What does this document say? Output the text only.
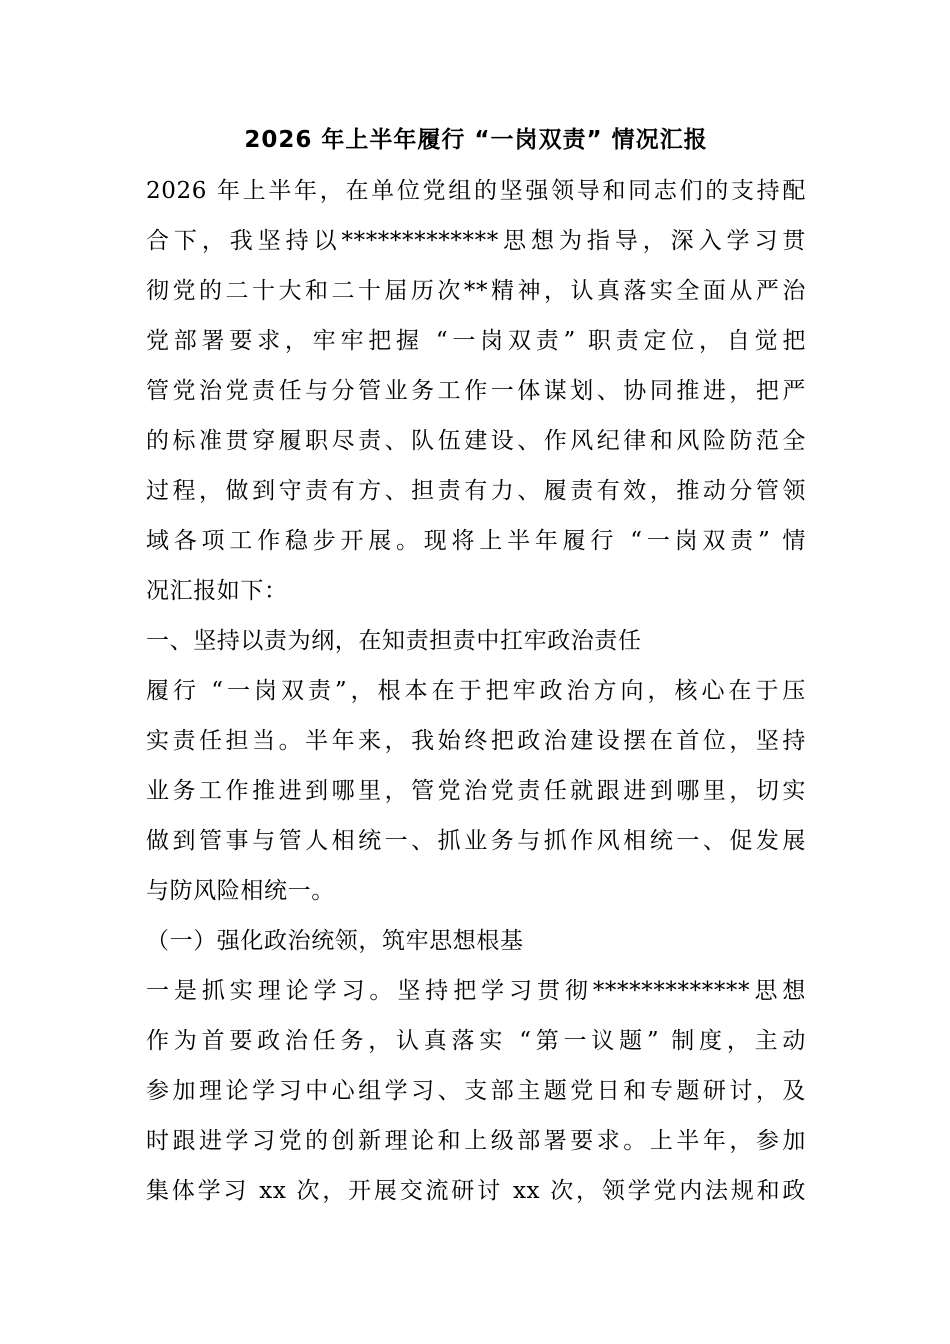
2026 年上半年履行 “一岗双责” 情况汇报
2026 年上半年，在单位党组的坚强领导和同志们的支持配
合下，我坚持以*************思想为指导，深入学习贯
彻党的二十大和二十届历次**精神，认真落实全面从严治
党部署要求，牢牢把握 “一岗双责” 职责定位，自觉把
管党治党责任与分管业务工作一体谋划、协同推进，把严
的标准贯穿履职尽责、队伍建设、作风纪律和风险防范全
过程，做到守责有方、担责有力、履责有效，推动分管领
域各项工作稳步开展。现将上半年履行 “一岗双责” 情
况汇报如下：
一、坚持以责为纲，在知责担责中扛牢政治责任
履行 “一岗双责”，根本在于把牢政治方向，核心在于压
实责任担当。半年来，我始终把政治建设摆在首位，坚持
业务工作推进到哪里，管党治党责任就跟进到哪里，切实
做到管事与管人相统一、抓业务与抓作风相统一、促发展
与防风险相统一。
（一）强化政治统领，筑牢思想根基
一是抓实理论学习。坚持把学习贯彻*************思想
作为首要政治任务，认真落实 “第一议题” 制度，主动
参加理论学习中心组学习、支部主题党日和专题研讨，及
时跟进学习党的创新理论和上级部署要求。上半年，参加
集体学习 xx 次，开展交流研讨 xx 次，领学党内法规和政
